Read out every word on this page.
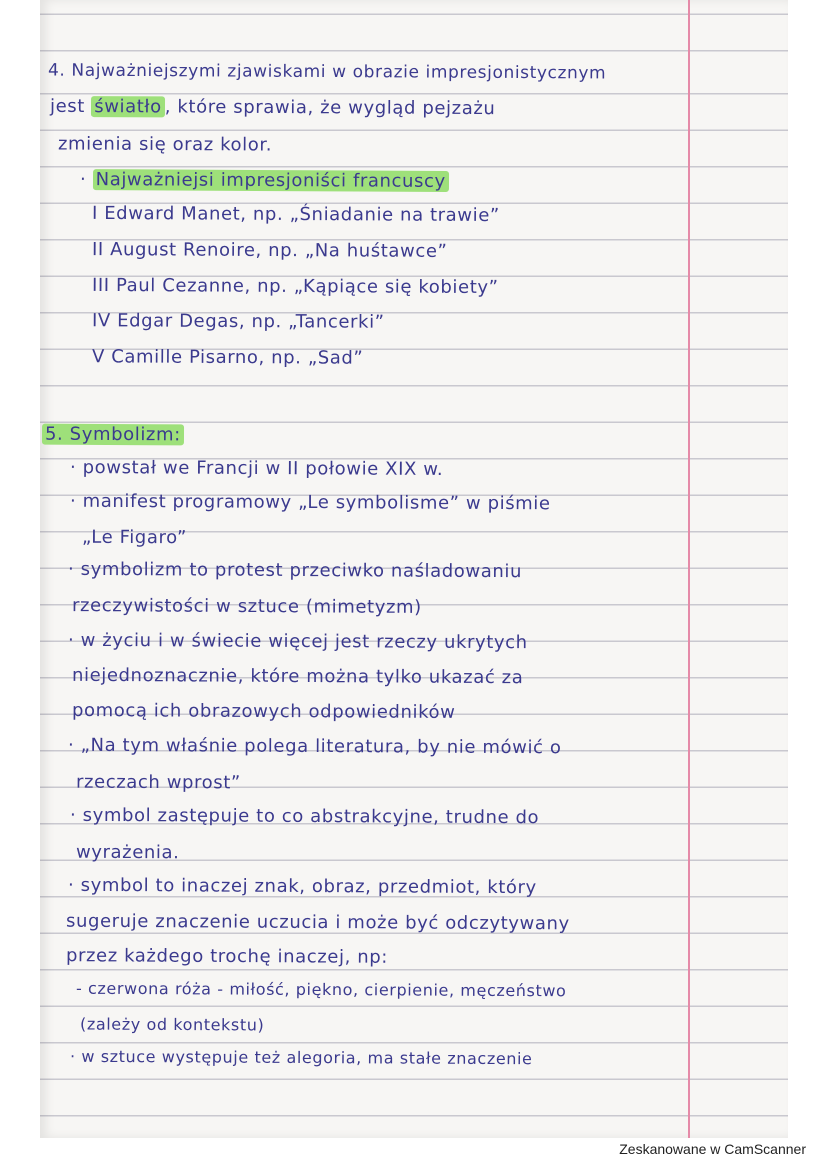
4. Najważniejszymi zjawiskami w obrazie impresjonistycznym
jest światło , które sprawia, że wygląd pejzażu
zmienia się oraz kolor.
· Najważniejsi impresjoniści francuscy
I Edward Manet, np. „Śniadanie na trawie”
II August Renoire, np. „Na huśtawce”
III Paul Cezanne, np. „Kąpiące się kobiety”
IV Edgar Degas, np. „Tancerki”
V Camille Pisarno, np. „Sad”
5. Symbolizm:
· powstał we Francji w II połowie XIX w.
· manifest programowy „Le symbolisme” w piśmie
„Le Figaro”
· symbolizm to protest przeciwko naśladowaniu
rzeczywistości w sztuce (mimetyzm)
· w życiu i w świecie więcej jest rzeczy ukrytych
niejednoznacznie, które można tylko ukazać za
pomocą ich obrazowych odpowiedników
· „Na tym właśnie polega literatura, by nie mówić o
rzeczach wprost”
· symbol zastępuje to co abstrakcyjne, trudne do
wyrażenia.
· symbol to inaczej znak, obraz, przedmiot, który
sugeruje znaczenie uczucia i może być odczytywany
przez każdego trochę inaczej, np:
- czerwona róża - miłość, piękno, cierpienie, męczeństwo
(zależy od kontekstu)
· w sztuce występuje też alegoria, ma stałe znaczenie
Zeskanowane w CamScanner
